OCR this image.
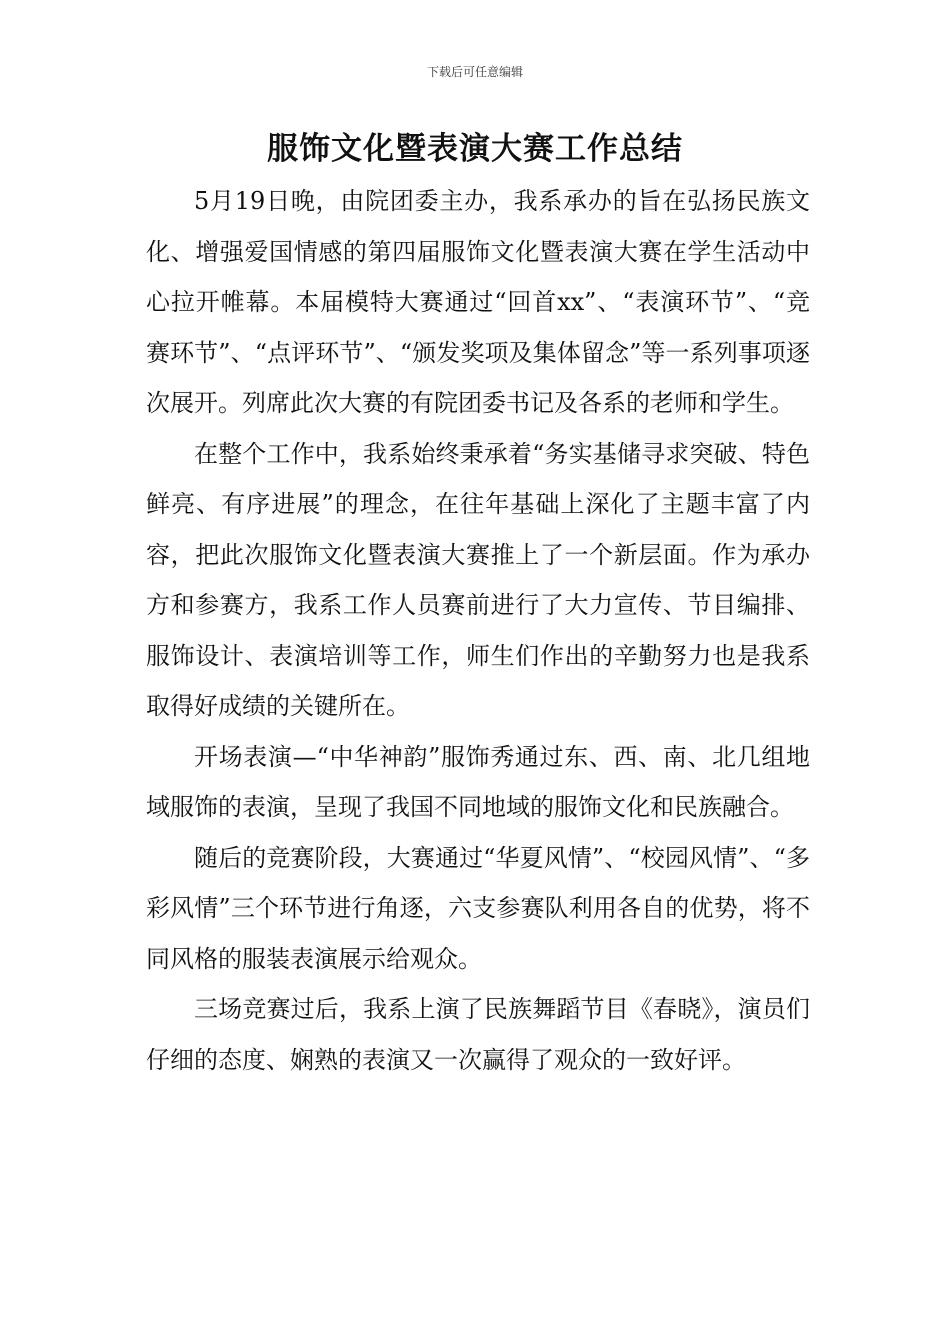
下载后可任意编辑
服饰文化暨表演大赛工作总结

5月19日晚，由院团委主办，我系承办的旨在弘扬民族文化、增强爱国情感的第四届服饰文化暨表演大赛在学生活动中心拉开帷幕。本届模特大赛通过“回首xx”、“表演环节”、“竞赛环节”、“点评环节”、“颁发奖项及集体留念”等一系列事项逐次展开。列席此次大赛的有院团委书记及各系的老师和学生。

在整个工作中，我系始终秉承着“务实基储寻求突破、特色鲜亮、有序进展”的理念，在往年基础上深化了主题丰富了内容，把此次服饰文化暨表演大赛推上了一个新层面。作为承办方和参赛方，我系工作人员赛前进行了大力宣传、节目编排、服饰设计、表演培训等工作，师生们作出的辛勤努力也是我系取得好成绩的关键所在。

开场表演—“中华神韵”服饰秀通过东、西、南、北几组地域服饰的表演，呈现了我国不同地域的服饰文化和民族融合。

随后的竞赛阶段，大赛通过“华夏风情”、“校园风情”、“多彩风情”三个环节进行角逐，六支参赛队利用各自的优势，将不同风格的服装表演展示给观众。

三场竞赛过后，我系上演了民族舞蹈节目《春晓》，演员们仔细的态度、娴熟的表演又一次赢得了观众的一致好评。
